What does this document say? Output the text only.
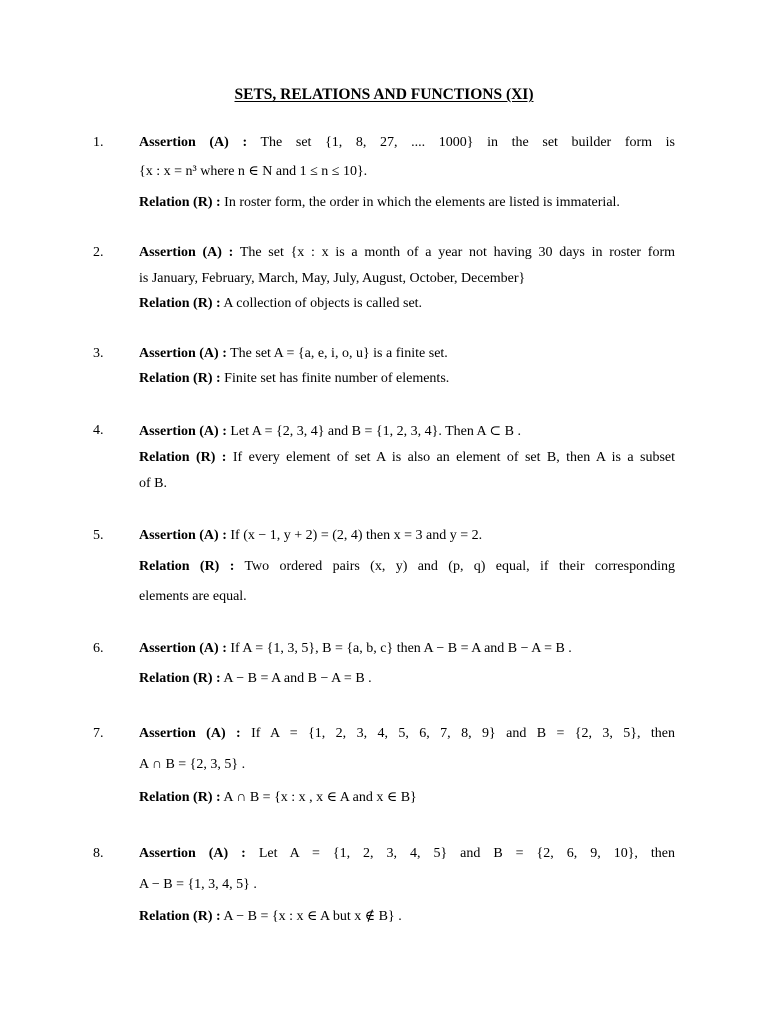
SETS, RELATIONS AND FUNCTIONS (XI)
1.	Assertion (A) : The set {1, 8, 27, .... 1000} in the set builder form is
{x : x = n³ where n ∈ N and 1 ≤ n ≤ 10}.
Relation (R) : In roster form, the order in which the elements are listed is immaterial.
2.	Assertion (A) : The set {x : x is a month of a year not having 30 days in roster form
is January, February, March, May, July, August, October, December}
Relation (R) : A collection of objects is called set.
3.	Assertion (A) : The set A = {a, e, i, o, u} is a finite set.
Relation (R) : Finite set has finite number of elements.
4.	Assertion (A) : Let A = {2, 3, 4} and B = {1, 2, 3, 4}. Then A ⊂ B .
Relation (R) : If every element of set A is also an element of set B, then A is a subset
of B.
5.	Assertion (A) : If (x − 1, y + 2) = (2, 4) then x = 3 and y = 2.
Relation (R) : Two ordered pairs (x, y) and (p, q) equal, if their corresponding
elements are equal.
6.	Assertion (A) : If A = {1, 3, 5}, B = {a, b, c} then A − B = A and B − A = B .
Relation (R) : A − B = A and B − A = B .
7.	Assertion (A) : If A = {1, 2, 3, 4, 5, 6, 7, 8, 9} and B = {2, 3, 5}, then
A ∩ B = {2, 3, 5} .
Relation (R) : A ∩ B = {x : x , x ∈ A and x ∈ B}
8.	Assertion (A) : Let A = {1, 2, 3, 4, 5} and B = {2, 6, 9, 10}, then
A − B = {1, 3, 4, 5} .
Relation (R) : A − B = {x : x ∈ A but x ∉ B} .
